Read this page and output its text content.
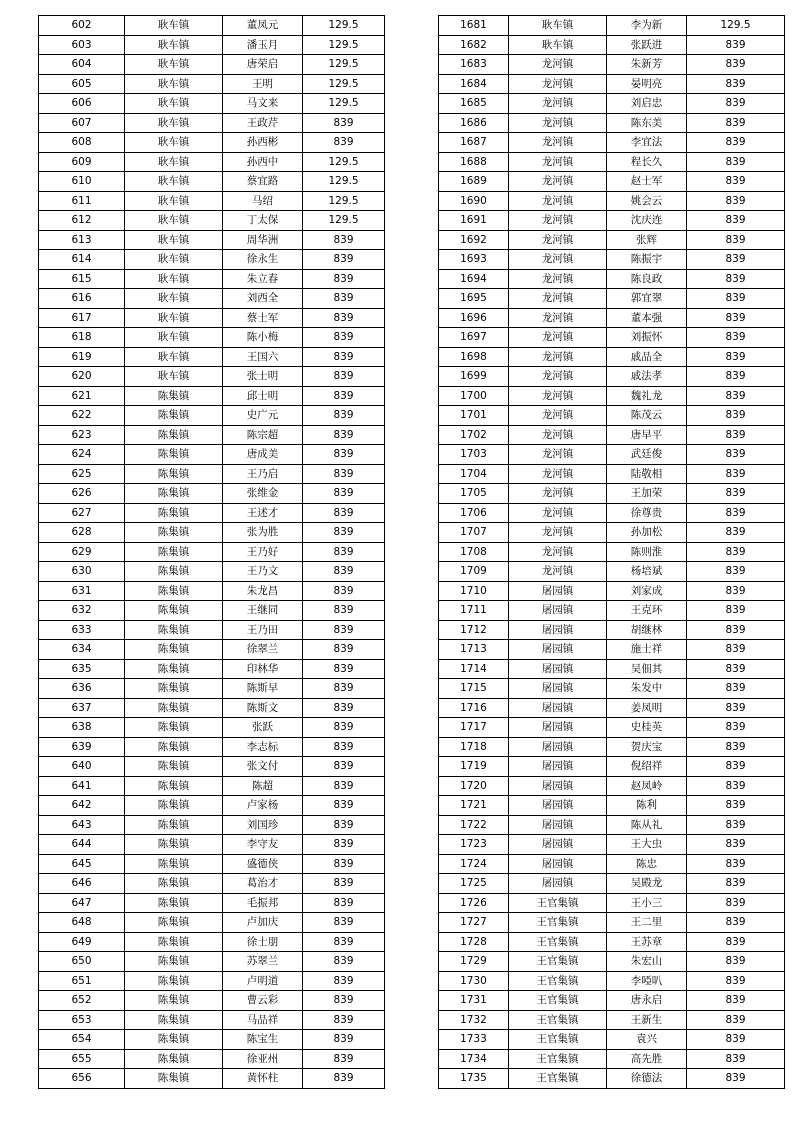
602	耿车镇	董凤元	129.5
603	耿车镇	潘玉月	129.5
604	耿车镇	唐荣启	129.5
605	耿车镇	王明	129.5
606	耿车镇	马文来	129.5
607	耿车镇	王政芹	839
608	耿车镇	孙西彬	839
609	耿车镇	孙西中	129.5
610	耿车镇	蔡宜路	129.5
611	耿车镇	马绍	129.5
612	耿车镇	丁太保	129.5
613	耿车镇	周华洲	839
614	耿车镇	徐永生	839
615	耿车镇	朱立春	839
616	耿车镇	刘西全	839
617	耿车镇	蔡士军	839
618	耿车镇	陈小梅	839
619	耿车镇	王国六	839
620	耿车镇	张士明	839
621	陈集镇	邱士明	839
622	陈集镇	史广元	839
623	陈集镇	陈宗超	839
624	陈集镇	唐成美	839
625	陈集镇	王乃启	839
626	陈集镇	张维金	839
627	陈集镇	王述才	839
628	陈集镇	张为胜	839
629	陈集镇	王乃好	839
630	陈集镇	王乃文	839
631	陈集镇	朱龙昌	839
632	陈集镇	王继同	839
633	陈集镇	王乃田	839
634	陈集镇	徐翠兰	839
635	陈集镇	印林华	839
636	陈集镇	陈斯早	839
637	陈集镇	陈斯文	839
638	陈集镇	张跃	839
639	陈集镇	李志标	839
640	陈集镇	张文付	839
641	陈集镇	陈超	839
642	陈集镇	卢家杨	839
643	陈集镇	刘国珍	839
644	陈集镇	李守友	839
645	陈集镇	盛德侠	839
646	陈集镇	葛治才	839
647	陈集镇	毛振邦	839
648	陈集镇	卢加庆	839
649	陈集镇	徐士朋	839
650	陈集镇	苏翠兰	839
651	陈集镇	卢明道	839
652	陈集镇	曹云彩	839
653	陈集镇	马品祥	839
654	陈集镇	陈宝生	839
655	陈集镇	徐亚州	839
656	陈集镇	黄怀柱	839
1681	耿车镇	李为新	129.5
1682	耿车镇	张跃进	839
1683	龙河镇	朱新芳	839
1684	龙河镇	晏明亮	839
1685	龙河镇	刘启忠	839
1686	龙河镇	陈东美	839
1687	龙河镇	李宜法	839
1688	龙河镇	程长久	839
1689	龙河镇	赵士军	839
1690	龙河镇	姚会云	839
1691	龙河镇	沈庆连	839
1692	龙河镇	张辉	839
1693	龙河镇	陈振宇	839
1694	龙河镇	陈良政	839
1695	龙河镇	郭宜翠	839
1696	龙河镇	董本强	839
1697	龙河镇	刘振怀	839
1698	龙河镇	戚品全	839
1699	龙河镇	戚法孝	839
1700	龙河镇	魏礼龙	839
1701	龙河镇	陈茂云	839
1702	龙河镇	唐早平	839
1703	龙河镇	武廷俊	839
1704	龙河镇	陆敬相	839
1705	龙河镇	王加荣	839
1706	龙河镇	徐尊贵	839
1707	龙河镇	孙加松	839
1708	龙河镇	陈则淮	839
1709	龙河镇	杨培斌	839
1710	屠园镇	刘家成	839
1711	屠园镇	王克环	839
1712	屠园镇	胡继林	839
1713	屠园镇	施士祥	839
1714	屠园镇	吴佃其	839
1715	屠园镇	朱发中	839
1716	屠园镇	姜凤明	839
1717	屠园镇	史桂英	839
1718	屠园镇	贺庆宝	839
1719	屠园镇	倪绍祥	839
1720	屠园镇	赵凤岭	839
1721	屠园镇	陈利	839
1722	屠园镇	陈从礼	839
1723	屠园镇	王大虫	839
1724	屠园镇	陈忠	839
1725	屠园镇	吴殿龙	839
1726	王官集镇	王小三	839
1727	王官集镇	王二里	839
1728	王官集镇	王苏章	839
1729	王官集镇	朱宏山	839
1730	王官集镇	李啞叭	839
1731	王官集镇	唐永启	839
1732	王官集镇	王新生	839
1733	王官集镇	袁兴	839
1734	王官集镇	高先胜	839
1735	王官集镇	徐德法	839
